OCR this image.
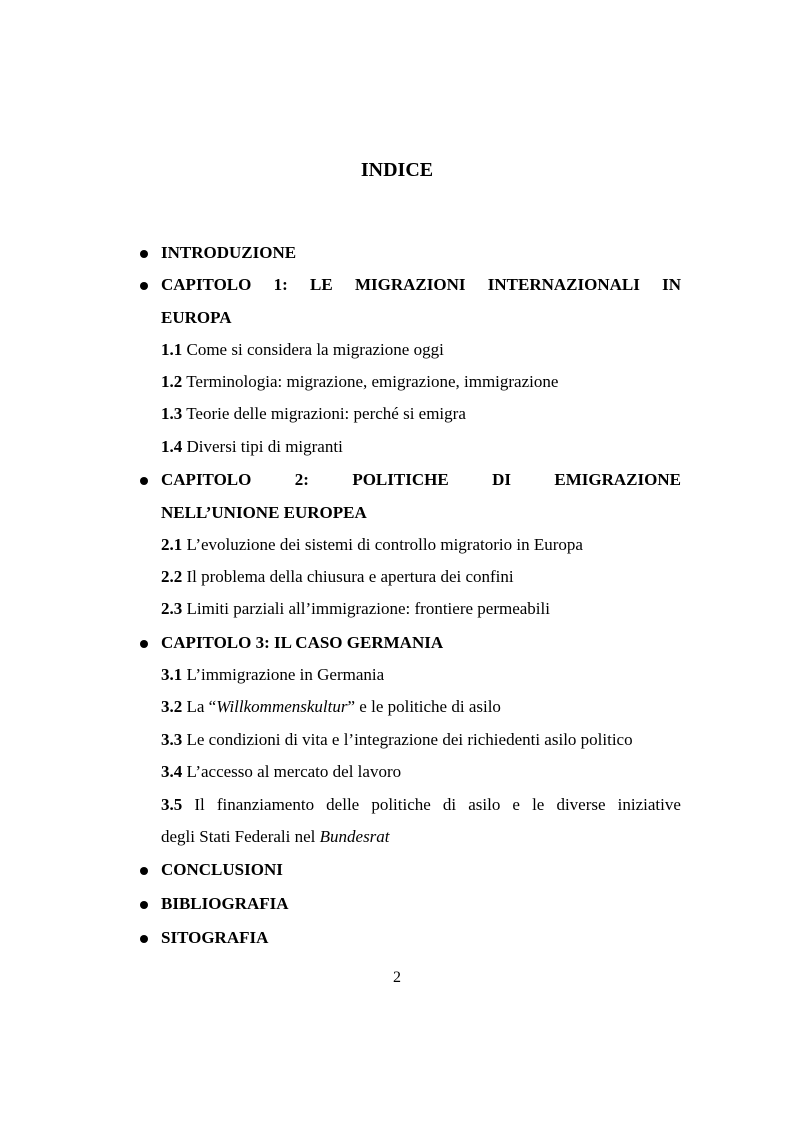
INDICE
INTRODUZIONE
CAPITOLO 1: LE MIGRAZIONI INTERNAZIONALI IN
EUROPA
1.1 Come si considera la migrazione oggi
1.2 Terminologia: migrazione, emigrazione, immigrazione
1.3 Teorie delle migrazioni: perché si emigra
1.4 Diversi tipi di migranti
CAPITOLO	2:	POLITICHE	DI	EMIGRAZIONE
NELL’UNIONE EUROPEA
2.1 L’evoluzione dei sistemi di controllo migratorio in Europa
2.2 Il problema della chiusura e apertura dei confini
2.3 Limiti parziali all’immigrazione: frontiere permeabili
CAPITOLO 3: IL CASO GERMANIA
3.1 L’immigrazione in Germania
3.2 La “Willkommenskultur” e le politiche di asilo
3.3 Le condizioni di vita e l’integrazione dei richiedenti asilo politico
3.4 L’accesso al mercato del lavoro
3.5 Il finanziamento delle politiche di asilo e le diverse iniziative
degli Stati Federali nel Bundesrat
CONCLUSIONI
BIBLIOGRAFIA
SITOGRAFIA
2
